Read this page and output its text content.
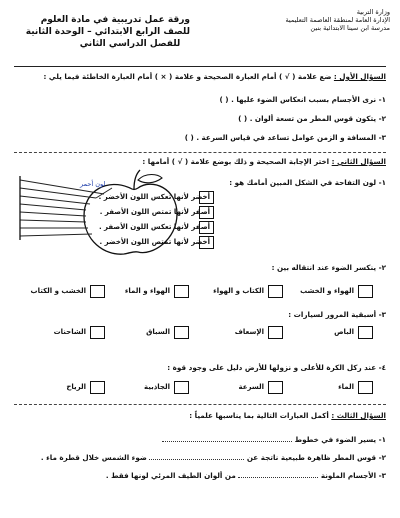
وزارة التربية
الإدارة العامة لمنطقة العاصمة التعليمية
مدرسة ابن سينا الابتدائية بنين
ورقة عمل تدريبية في مادة العلوم
للصف الرابع الابتدائي – الوحدة الثانية
للفصل الدراسي الثاني
السؤال الأول : ضع علامة ( √ ) أمام العبارة الصحيحة و علامة ( × ) أمام العبارة الخاطئة فيما يلي :
١- نرى الأجسام بسبب انعكاس الضوء عليها . ( )
٢- يتكون قوس المطر من تسعة ألوان . ( )
٣- المسافة و الزمن عوامل تساعد في قياس السرعة . ( )
السؤال الثاني : اختر الإجابة الصحيحة و ذلك بوضع علامة ( √ ) أمامها :
لون أحمر	١- لون التفاحة في الشكل المبين أمامك هو :
أخضر لأنها تعكس اللون الأخضر .
أصفر لأنها تمتص اللون الأصفر .
أصفر لأنها تعكس اللون الأصفر .
أخضر لأنها تمتص اللون الأخضر .
٢- ينكسر الضوء عند انتقاله بين :
الهواء و الخشب
الكتاب و الهواء
الهواء و الماء
الخشب و الكتاب
٣- أسبقية المرور لسيارات :
الباص
الإسعاف
السباق
الشاحنات
٤- عند ركل الكرة للأعلى و نزولها للأرض دليل على وجود قوة :
الماء
السرعة
الجاذبية
الرياح
السؤال الثالث : أكمل العبارات التالية بما يناسبها علمياً :
١- يسير الضوء في خطوط
٢- قوس المطر ظاهرة طبيعية ناتجة عن  ضوء الشمس خلال قطرة ماء .
٣- الأجسام الملونة  من ألوان الطيف المرئي لونها فقط .
